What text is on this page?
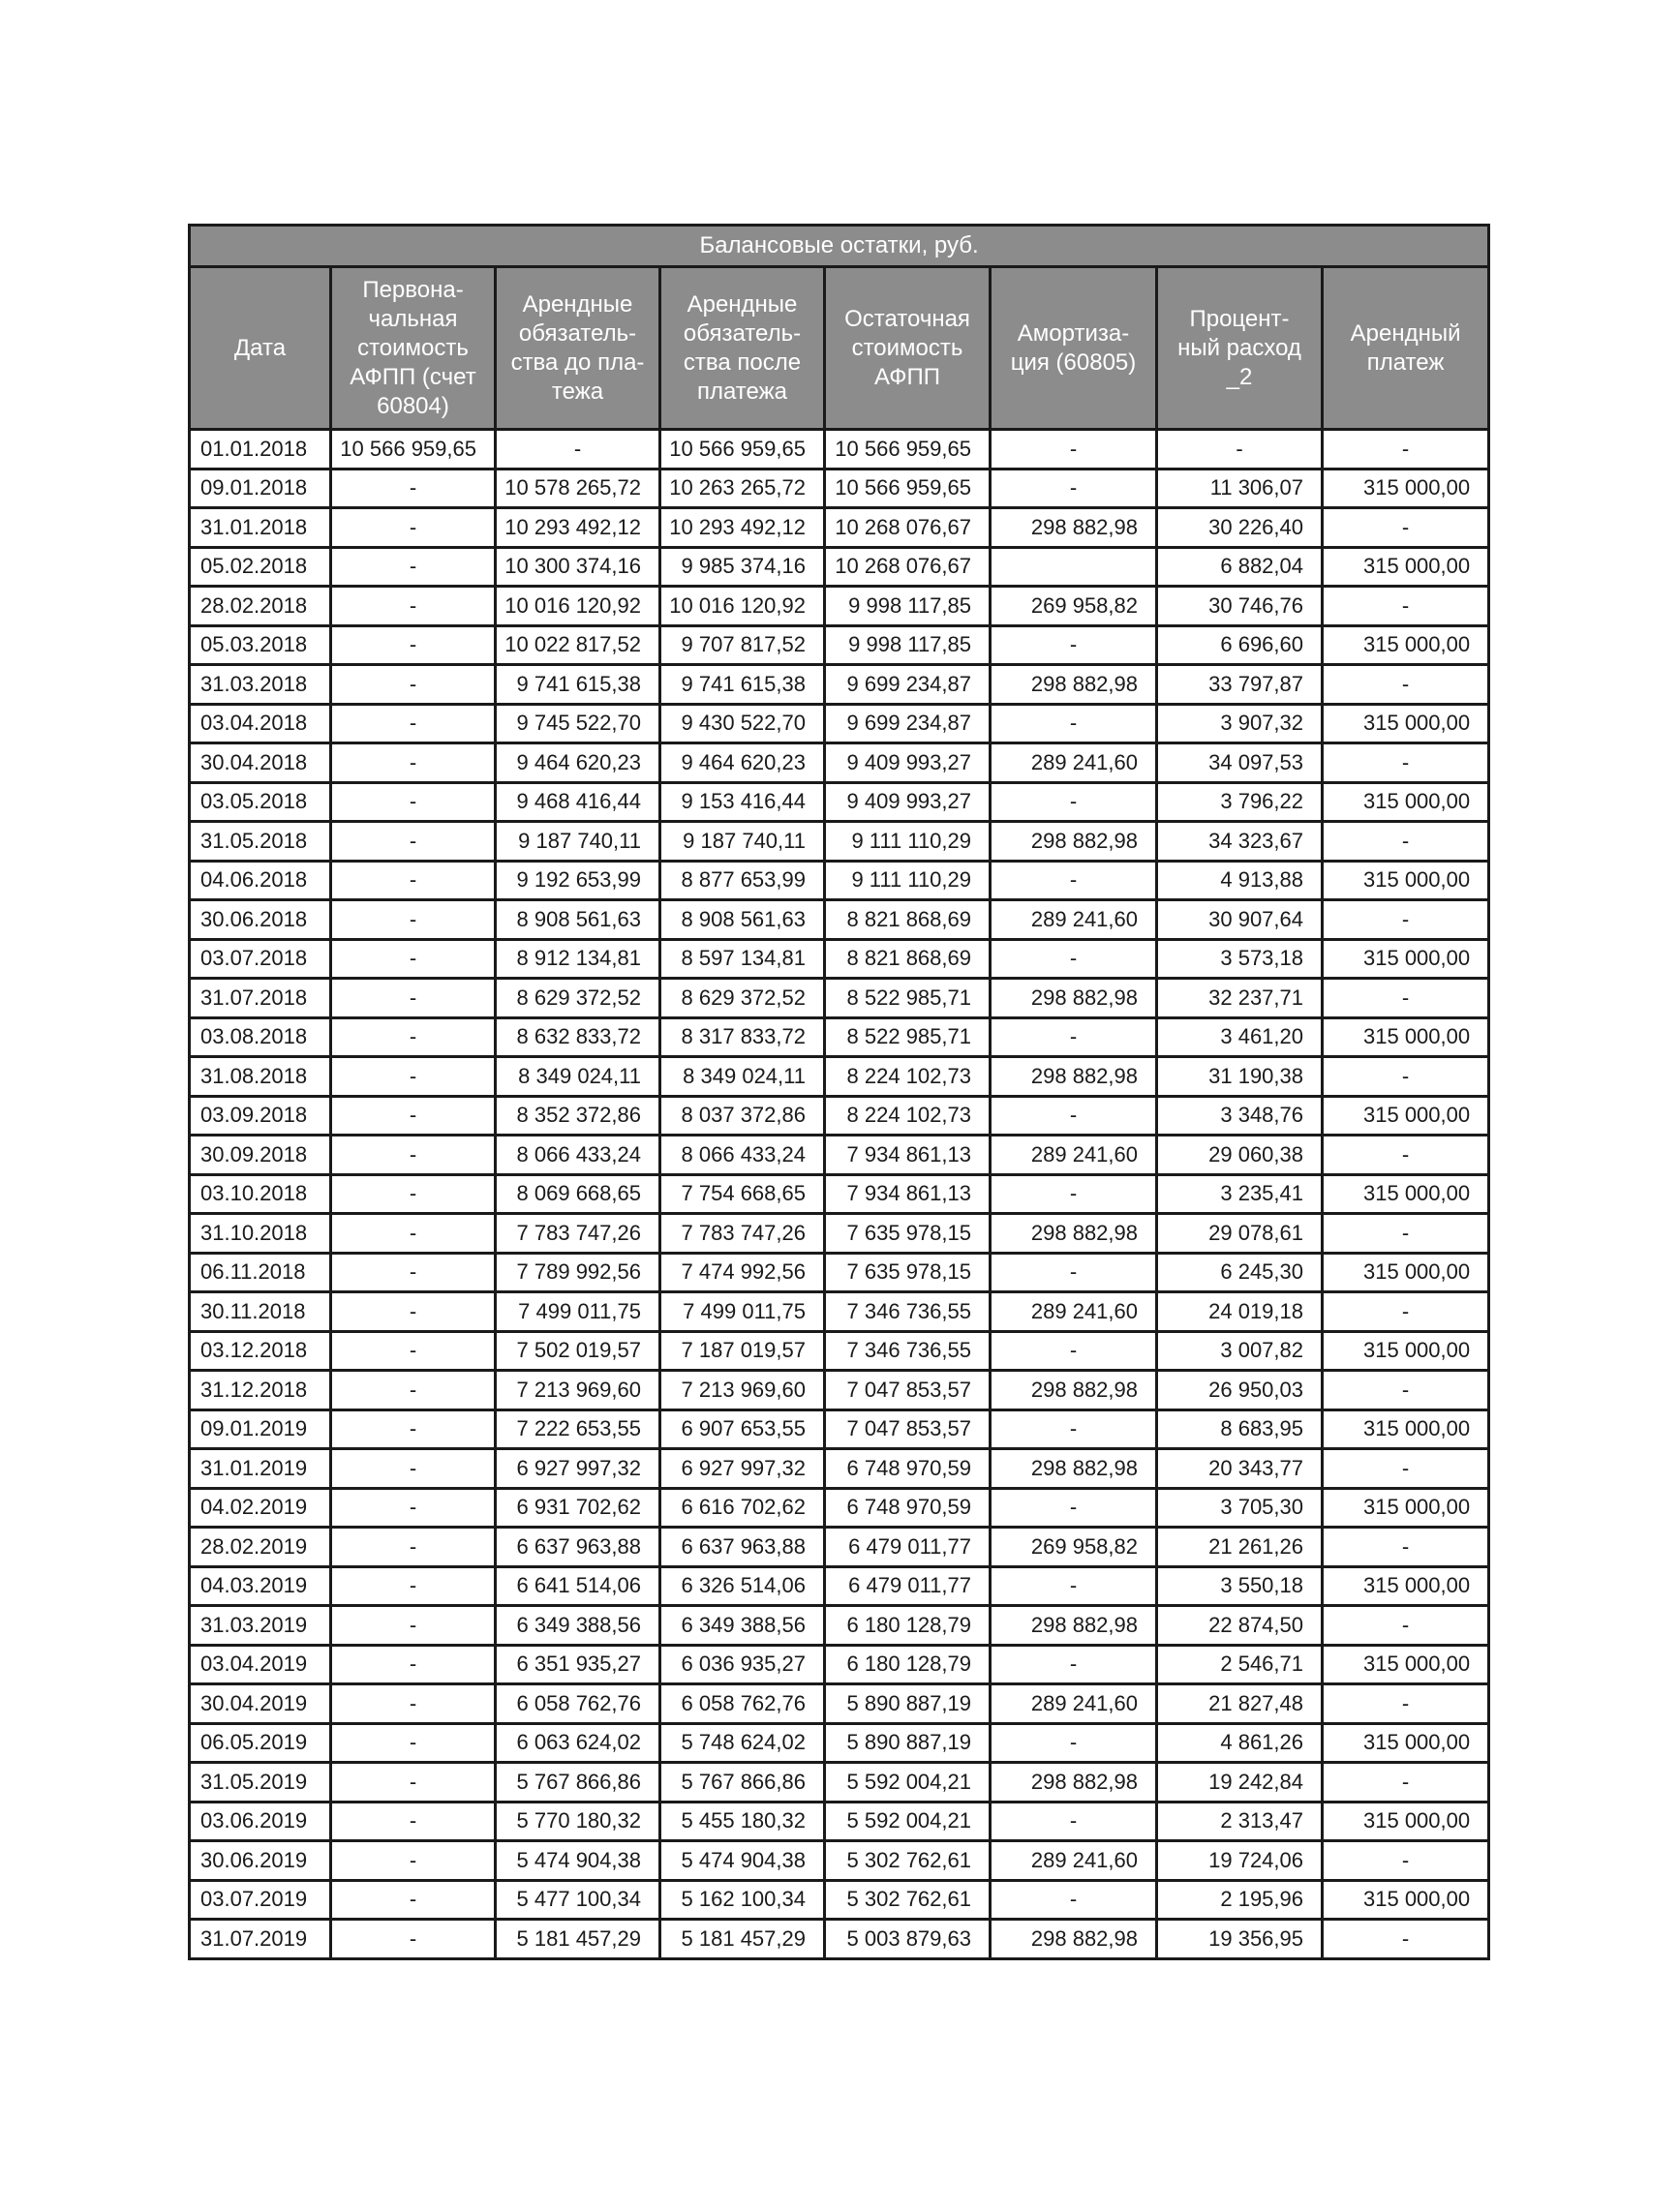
Балансовые остатки, руб.							
Дата	Первона-
чальная
стоимость
АФПП (счет
60804)	Арендные
обязатель-
ства до пла-
тежа	Арендные
обязатель-
ства после
платежа	Остаточная
стоимость
АФПП	Амортиза-
ция (60805)	Процент-
ный расход
_2	Арендный
платеж
01.01.2018	10 566 959,65	-	10 566 959,65	10 566 959,65	-	-	-
09.01.2018	-	10 578 265,72	10 263 265,72	10 566 959,65	-	11 306,07	315 000,00
31.01.2018	-	10 293 492,12	10 293 492,12	10 268 076,67	298 882,98	30 226,40	-
05.02.2018	-	10 300 374,16	9 985 374,16	10 268 076,67		6 882,04	315 000,00
28.02.2018	-	10 016 120,92	10 016 120,92	9 998 117,85	269 958,82	30 746,76	-
05.03.2018	-	10 022 817,52	9 707 817,52	9 998 117,85	-	6 696,60	315 000,00
31.03.2018	-	9 741 615,38	9 741 615,38	9 699 234,87	298 882,98	33 797,87	-
03.04.2018	-	9 745 522,70	9 430 522,70	9 699 234,87	-	3 907,32	315 000,00
30.04.2018	-	9 464 620,23	9 464 620,23	9 409 993,27	289 241,60	34 097,53	-
03.05.2018	-	9 468 416,44	9 153 416,44	9 409 993,27	-	3 796,22	315 000,00
31.05.2018	-	9 187 740,11	9 187 740,11	9 111 110,29	298 882,98	34 323,67	-
04.06.2018	-	9 192 653,99	8 877 653,99	9 111 110,29	-	4 913,88	315 000,00
30.06.2018	-	8 908 561,63	8 908 561,63	8 821 868,69	289 241,60	30 907,64	-
03.07.2018	-	8 912 134,81	8 597 134,81	8 821 868,69	-	3 573,18	315 000,00
31.07.2018	-	8 629 372,52	8 629 372,52	8 522 985,71	298 882,98	32 237,71	-
03.08.2018	-	8 632 833,72	8 317 833,72	8 522 985,71	-	3 461,20	315 000,00
31.08.2018	-	8 349 024,11	8 349 024,11	8 224 102,73	298 882,98	31 190,38	-
03.09.2018	-	8 352 372,86	8 037 372,86	8 224 102,73	-	3 348,76	315 000,00
30.09.2018	-	8 066 433,24	8 066 433,24	7 934 861,13	289 241,60	29 060,38	-
03.10.2018	-	8 069 668,65	7 754 668,65	7 934 861,13	-	3 235,41	315 000,00
31.10.2018	-	7 783 747,26	7 783 747,26	7 635 978,15	298 882,98	29 078,61	-
06.11.2018	-	7 789 992,56	7 474 992,56	7 635 978,15	-	6 245,30	315 000,00
30.11.2018	-	7 499 011,75	7 499 011,75	7 346 736,55	289 241,60	24 019,18	-
03.12.2018	-	7 502 019,57	7 187 019,57	7 346 736,55	-	3 007,82	315 000,00
31.12.2018	-	7 213 969,60	7 213 969,60	7 047 853,57	298 882,98	26 950,03	-
09.01.2019	-	7 222 653,55	6 907 653,55	7 047 853,57	-	8 683,95	315 000,00
31.01.2019	-	6 927 997,32	6 927 997,32	6 748 970,59	298 882,98	20 343,77	-
04.02.2019	-	6 931 702,62	6 616 702,62	6 748 970,59	-	3 705,30	315 000,00
28.02.2019	-	6 637 963,88	6 637 963,88	6 479 011,77	269 958,82	21 261,26	-
04.03.2019	-	6 641 514,06	6 326 514,06	6 479 011,77	-	3 550,18	315 000,00
31.03.2019	-	6 349 388,56	6 349 388,56	6 180 128,79	298 882,98	22 874,50	-
03.04.2019	-	6 351 935,27	6 036 935,27	6 180 128,79	-	2 546,71	315 000,00
30.04.2019	-	6 058 762,76	6 058 762,76	5 890 887,19	289 241,60	21 827,48	-
06.05.2019	-	6 063 624,02	5 748 624,02	5 890 887,19	-	4 861,26	315 000,00
31.05.2019	-	5 767 866,86	5 767 866,86	5 592 004,21	298 882,98	19 242,84	-
03.06.2019	-	5 770 180,32	5 455 180,32	5 592 004,21	-	2 313,47	315 000,00
30.06.2019	-	5 474 904,38	5 474 904,38	5 302 762,61	289 241,60	19 724,06	-
03.07.2019	-	5 477 100,34	5 162 100,34	5 302 762,61	-	2 195,96	315 000,00
31.07.2019	-	5 181 457,29	5 181 457,29	5 003 879,63	298 882,98	19 356,95	-
